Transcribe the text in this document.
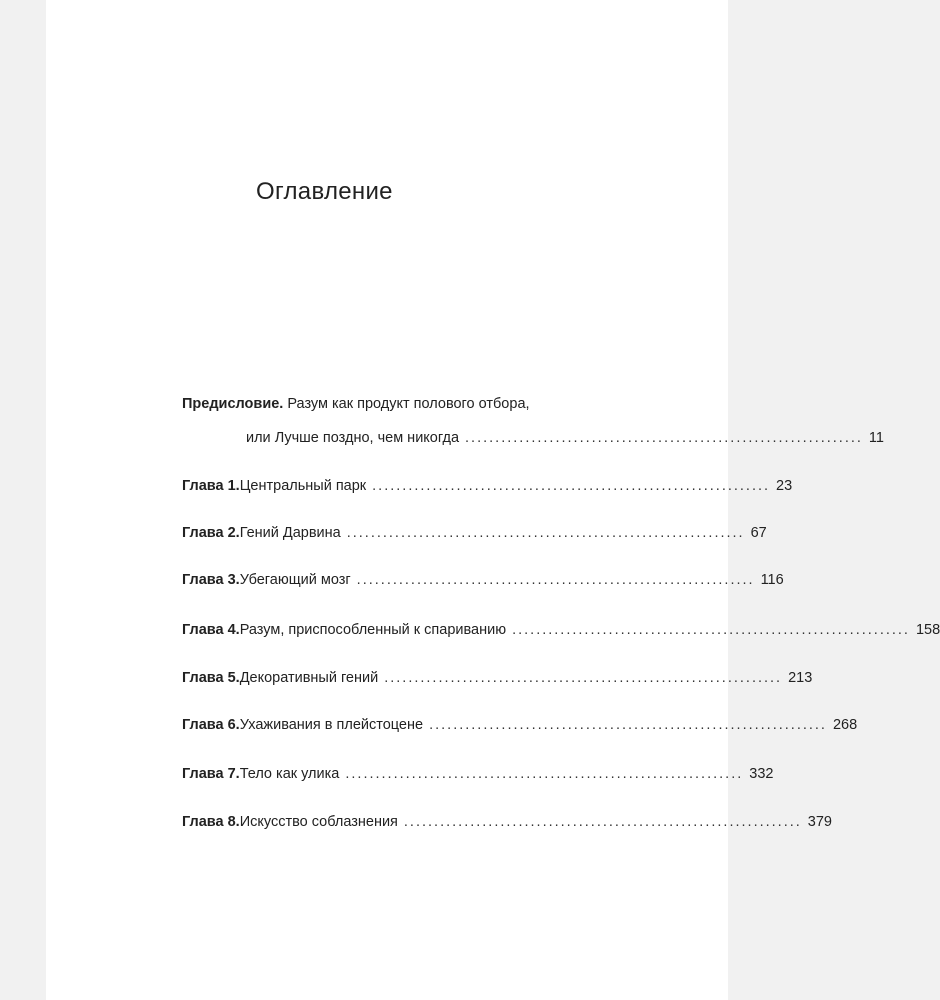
Оглавление
Предисловие. Разум как продукт полового отбора,
или Лучше поздно, чем никогда .................................................................. 11
Глава 1. Центральный парк .................................................................. 23
Глава 2. Гений Дарвина .................................................................. 67
Глава 3. Убегающий мозг .................................................................. 116
Глава 4. Разум, приспособленный к спариванию .................................................................. 158
Глава 5. Декоративный гений .................................................................. 213
Глава 6. Ухаживания в плейстоцене .................................................................. 268
Глава 7. Тело как улика .................................................................. 332
Глава 8. Искусство соблазнения .................................................................. 379
